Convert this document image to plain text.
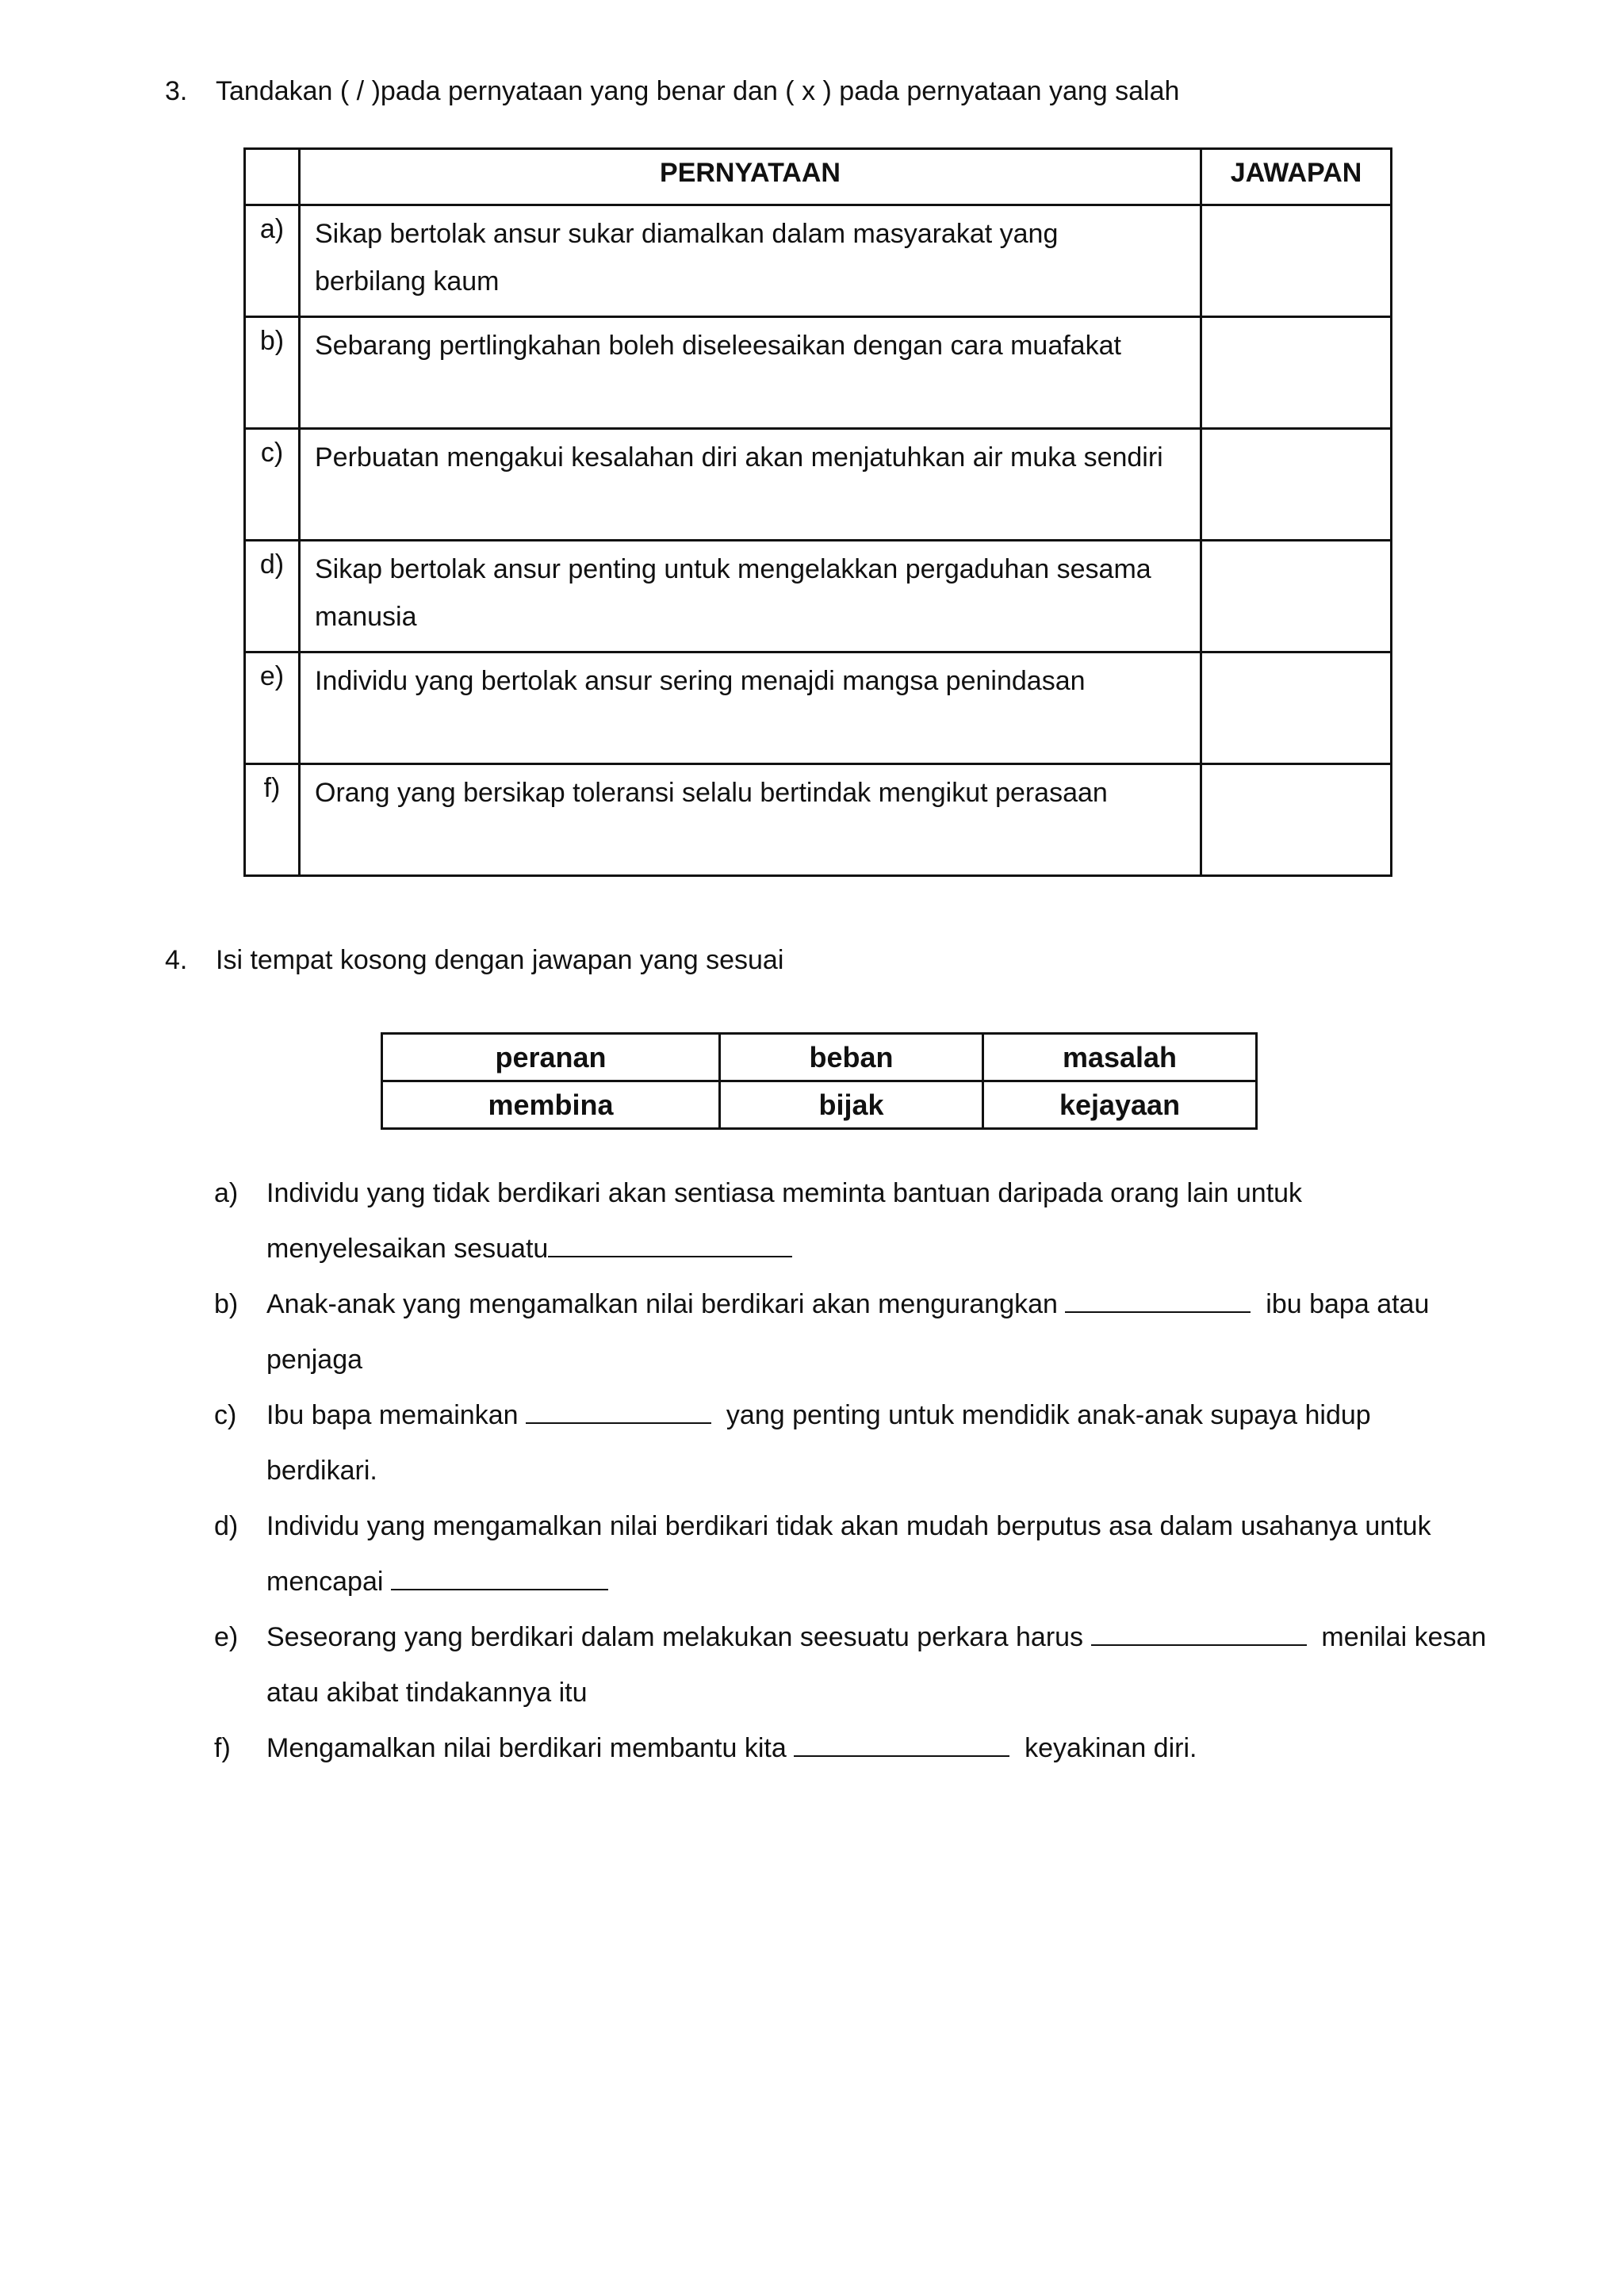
3. Tandakan ( / )pada pernyataan yang benar dan ( x ) pada pernyataan yang salah
	PERNYATAAN	JAWAPAN
a)	Sikap bertolak ansur sukar diamalkan dalam masyarakat yang
berbilang kaum	

b)	Sebarang pertlingkahan boleh diseleesaikan dengan cara muafakat	

c)	Perbuatan mengakui kesalahan diri akan menjatuhkan air muka sendiri	

d)	Sikap bertolak ansur penting untuk mengelakkan pergaduhan sesama
manusia	

e)	Individu yang bertolak ansur sering menajdi mangsa penindasan	

f)	Orang yang bersikap toleransi selalu bertindak mengikut perasaan	

4. Isi tempat kosong dengan jawapan yang sesuai
peranan	beban	masalah
membina	bijak	kejayaan
a) Individu yang tidak berdikari akan sentiasa meminta bantuan daripada orang lain untuk
menyelesaikan sesuatu
b) Anak-anak yang mengamalkan nilai berdikari akan mengurangkan	ibu bapa atau
penjaga
c) Ibu bapa memainkan	yang penting untuk mendidik anak-anak supaya hidup
berdikari.
d) Individu yang mengamalkan nilai berdikari tidak akan mudah berputus asa dalam usahanya untuk
mencapai
e) Seseorang yang berdikari dalam melakukan seesuatu perkara harus	menilai kesan
atau akibat tindakannya itu
f) Mengamalkan nilai berdikari membantu kita	keyakinan diri.
